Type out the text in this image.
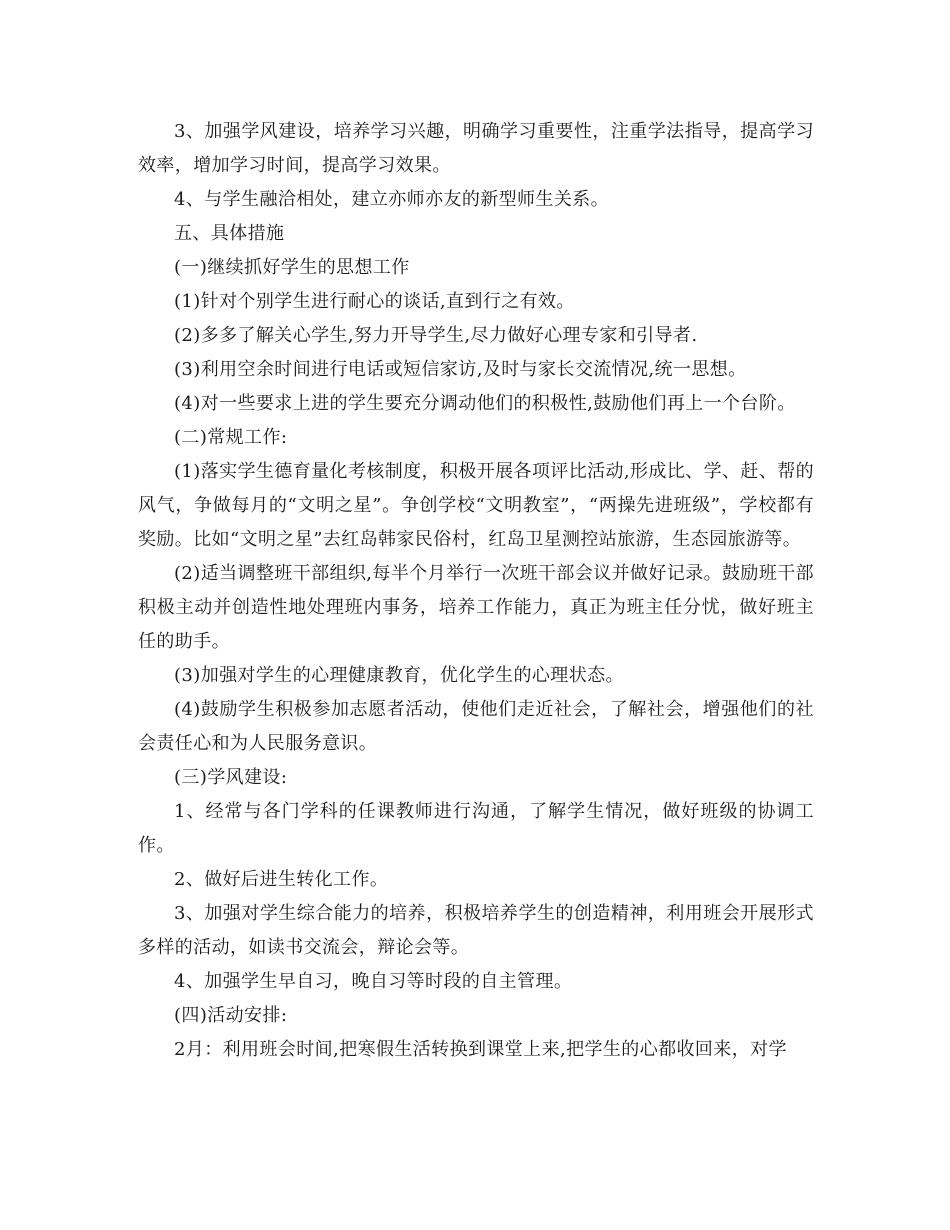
3、加强学风建设，培养学习兴趣，明确学习重要性，注重学法指导，提高学习效率，增加学习时间，提高学习效果。

4、与学生融洽相处，建立亦师亦友的新型师生关系。

五、具体措施

(一)继续抓好学生的思想工作

(1)针对个别学生进行耐心的谈话,直到行之有效。

(2)多多了解关心学生,努力开导学生,尽力做好心理专家和引导者.

(3)利用空余时间进行电话或短信家访,及时与家长交流情况,统一思想。

(4)对一些要求上进的学生要充分调动他们的积极性,鼓励他们再上一个台阶。

(二)常规工作:

(1)落实学生德育量化考核制度，积极开展各项评比活动,形成比、学、赶、帮的风气，争做每月的“文明之星”。争创学校“文明教室”，“两操先进班级”，学校都有奖励。比如“文明之星”去红岛韩家民俗村，红岛卫星测控站旅游，生态园旅游等。

(2)适当调整班干部组织,每半个月举行一次班干部会议并做好记录。鼓励班干部积极主动并创造性地处理班内事务，培养工作能力，真正为班主任分忧，做好班主任的助手。

(3)加强对学生的心理健康教育，优化学生的心理状态。

(4)鼓励学生积极参加志愿者活动，使他们走近社会，了解社会，增强他们的社会责任心和为人民服务意识。

(三)学风建设:

1、经常与各门学科的任课教师进行沟通，了解学生情况，做好班级的协调工作。

2、做好后进生转化工作。

3、加强对学生综合能力的培养，积极培养学生的创造精神，利用班会开展形式多样的活动，如读书交流会，辩论会等。

4、加强学生早自习，晚自习等时段的自主管理。

(四)活动安排:

2月：利用班会时间,把寒假生活转换到课堂上来,把学生的心都收回来，对学
